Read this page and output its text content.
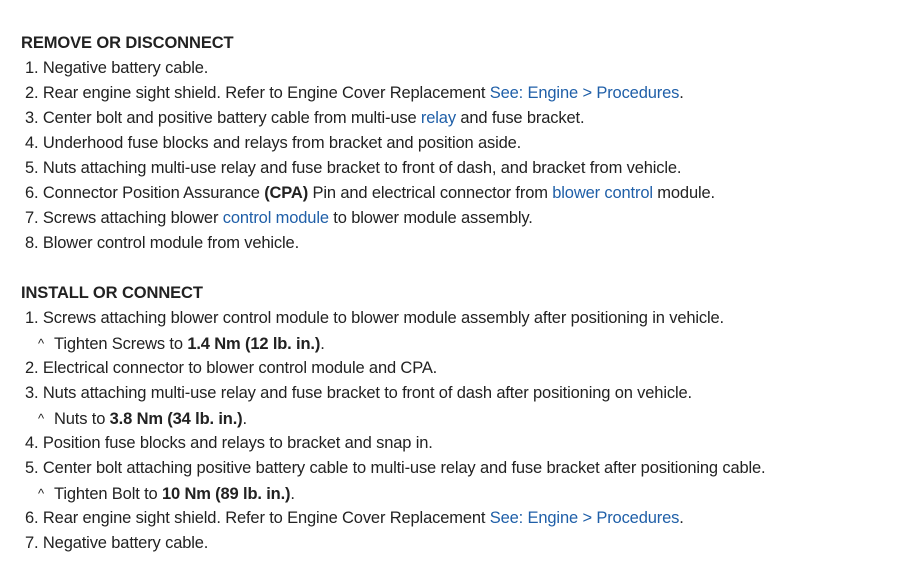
REMOVE OR DISCONNECT
1. Negative battery cable.
2. Rear engine sight shield. Refer to Engine Cover Replacement See: Engine > Procedures.
3. Center bolt and positive battery cable from multi-use relay and fuse bracket.
4. Underhood fuse blocks and relays from bracket and position aside.
5. Nuts attaching multi-use relay and fuse bracket to front of dash, and bracket from vehicle.
6. Connector Position Assurance (CPA) Pin and electrical connector from blower control module.
7. Screws attaching blower control module to blower module assembly.
8. Blower control module from vehicle.
INSTALL OR CONNECT
1. Screws attaching blower control module to blower module assembly after positioning in vehicle.
^ Tighten Screws to 1.4 Nm (12 lb. in.).
2. Electrical connector to blower control module and CPA.
3. Nuts attaching multi-use relay and fuse bracket to front of dash after positioning on vehicle.
^ Nuts to 3.8 Nm (34 lb. in.).
4. Position fuse blocks and relays to bracket and snap in.
5. Center bolt attaching positive battery cable to multi-use relay and fuse bracket after positioning cable.
^ Tighten Bolt to 10 Nm (89 lb. in.).
6. Rear engine sight shield. Refer to Engine Cover Replacement See: Engine > Procedures.
7. Negative battery cable.
